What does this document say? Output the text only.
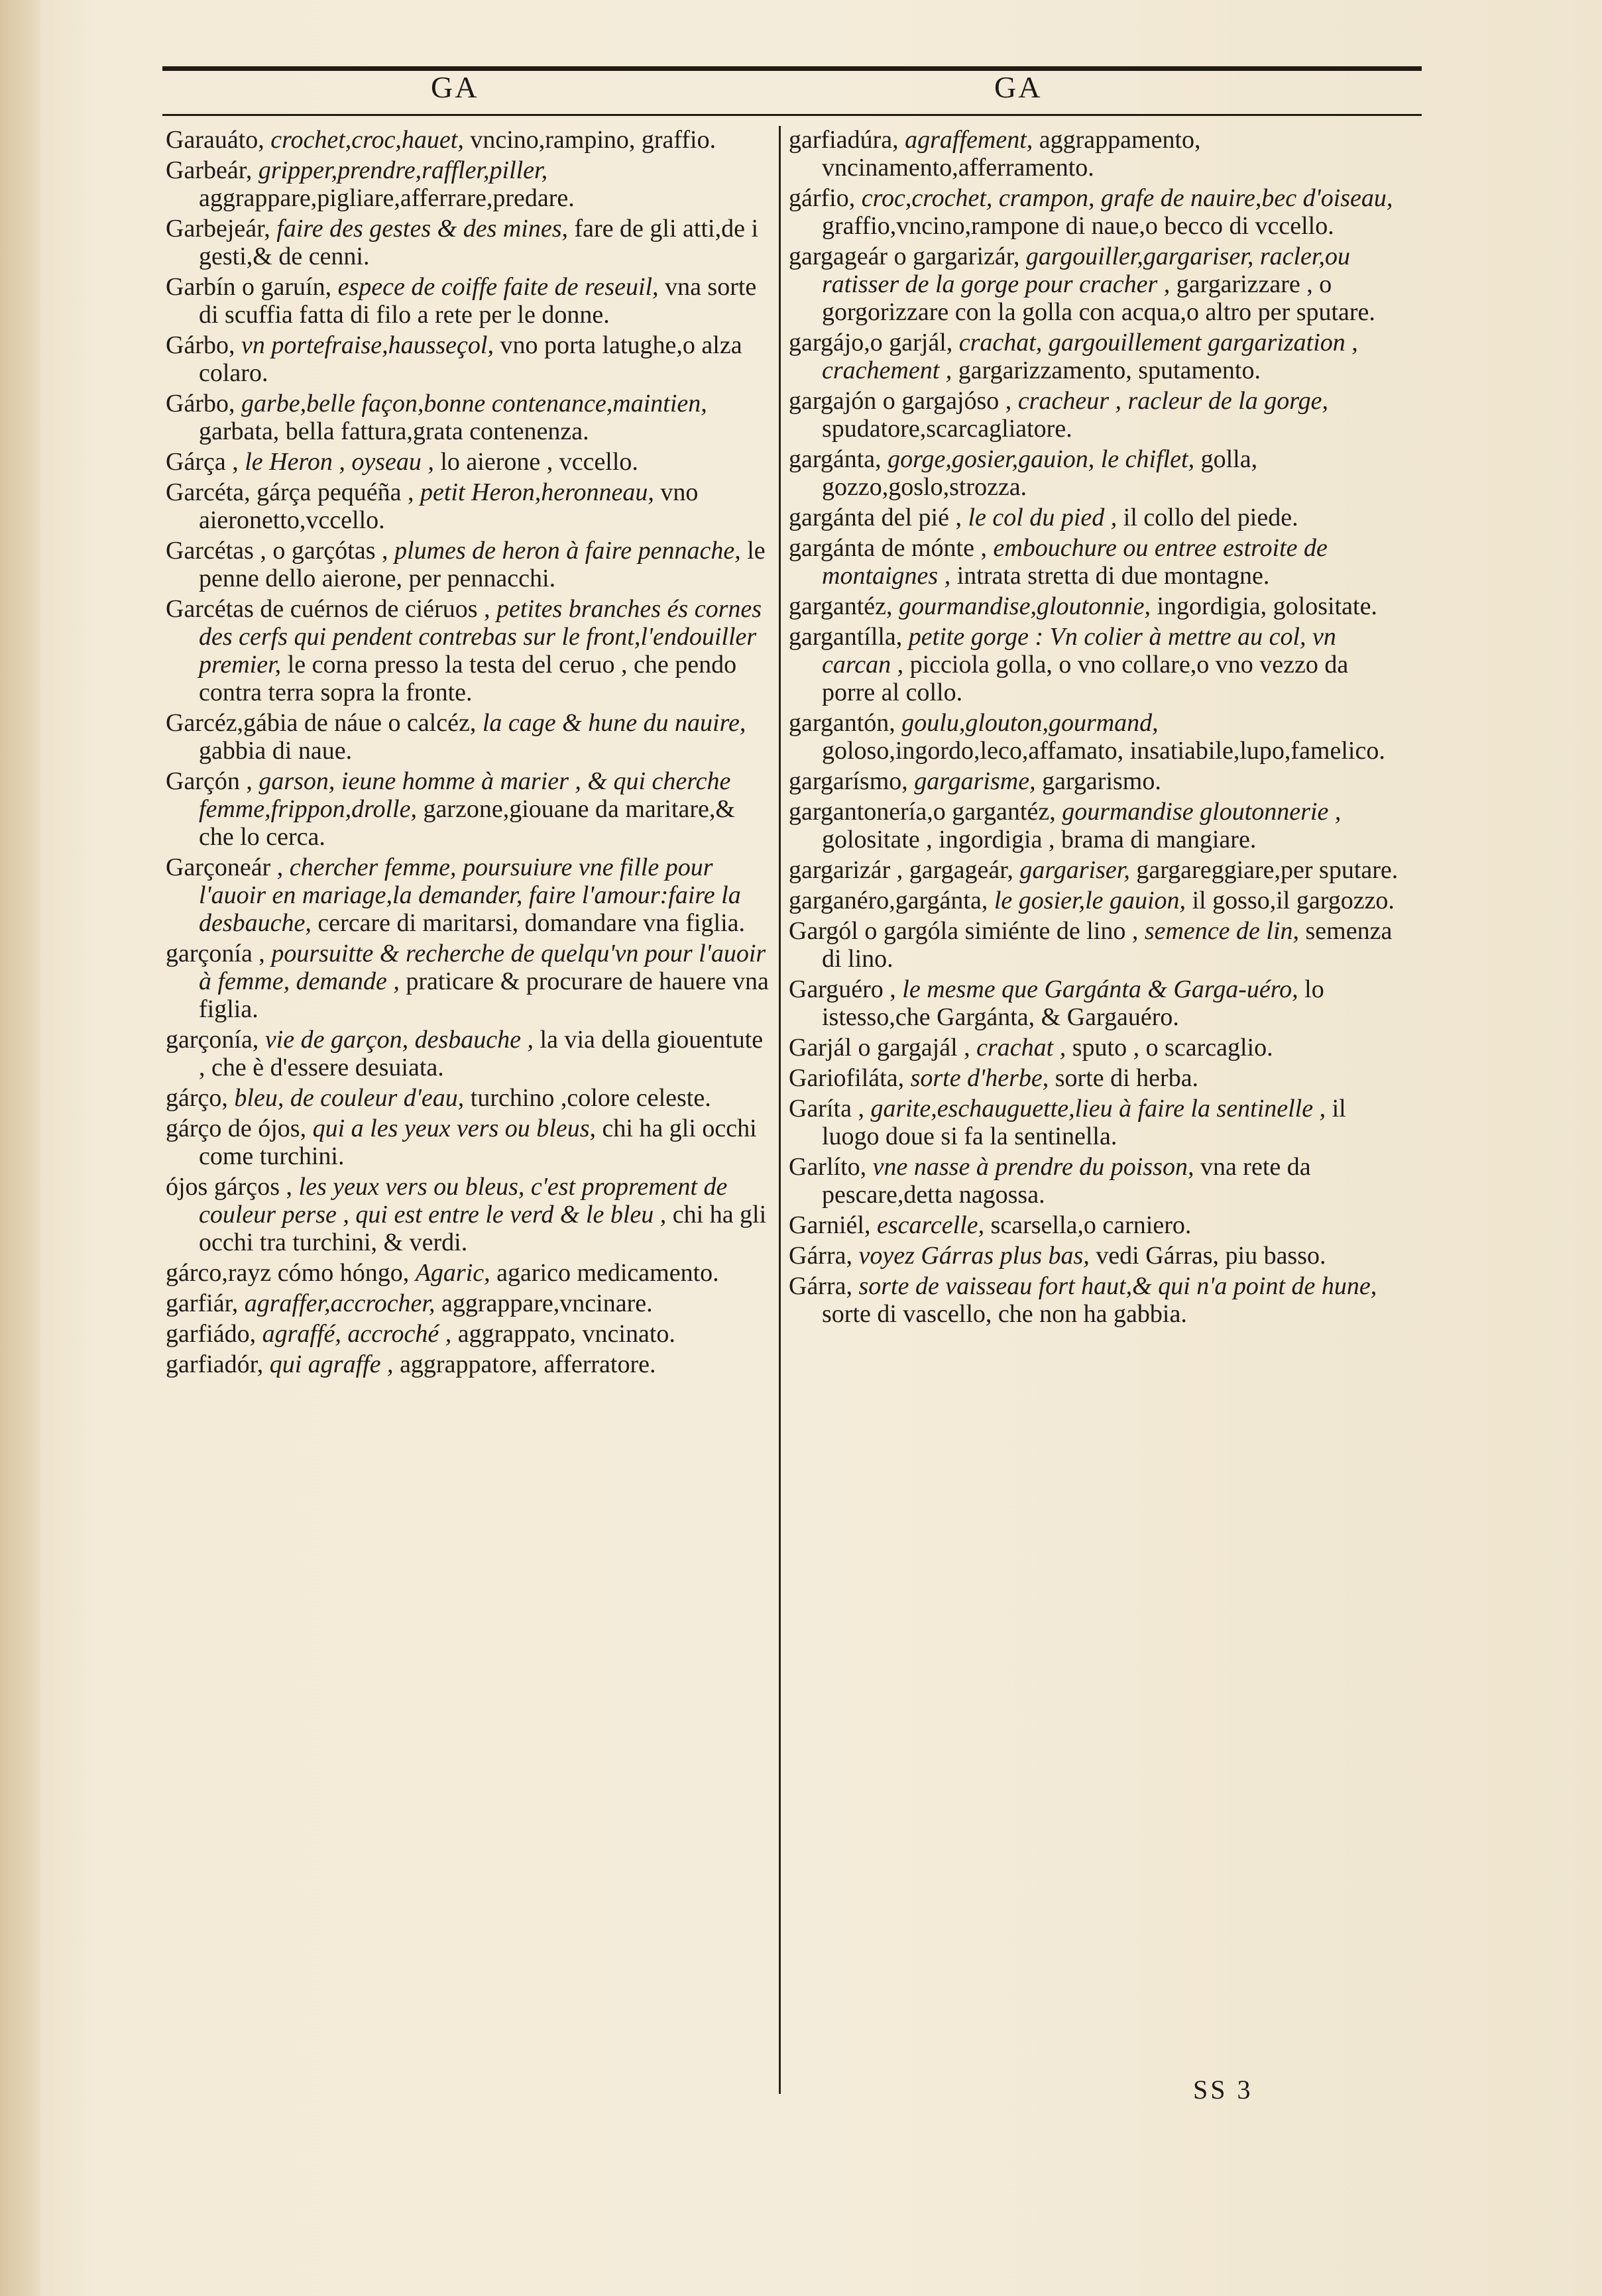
GA	GA

Garauáto, crochet,croc,hauet, vncino,rampino, graffio.

Garbeár, gripper,prendre,raffler,piller, aggrappare,pigliare,afferrare,predare.

Garbejeár, faire des gestes & des mines, fare de gli atti,de i gesti,& de cenni.

Garbín o garuín, espece de coiffe faite de reseuil, vna sorte di scuffia fatta di filo a rete per le donne.

Gárbo, vn portefraise,hausseçol, vno porta latughe,o alza colaro.

Gárbo, garbe,belle façon,bonne contenance,maintien, garbata, bella fattura,grata contenenza.

Gárça , le Heron , oyseau , lo aierone , vccello.

Garcéta, gárça pequéña , petit Heron,heronneau, vno aieronetto,vccello.

Garcétas , o garçótas , plumes de heron à faire pennache, le penne dello aierone, per pennacchi.

Garcétas de cuérnos de ciéruos , petites branches és cornes des cerfs qui pendent contrebas sur le front,l'endouiller premier, le corna presso la testa del ceruo , che pendo contra terra sopra la fronte.

Garcéz,gábia de náue o calcéz, la cage & hune du nauire, gabbia di naue.

Garçón , garson, ieune homme à marier , & qui cherche femme,frippon,drolle, garzone,giouane da maritare,& che lo cerca.

Garçoneár , chercher femme, poursuiure vne fille pour l'auoir en mariage,la demander, faire l'amour:faire la desbauche, cercare di maritarsi, domandare vna figlia.

garçonía , poursuitte & recherche de quelqu'vn pour l'auoir à femme, demande , praticare & procurare de hauere vna figlia.

garçonía, vie de garçon, desbauche , la via della giouentute , che è d'essere desuiata.

gárço, bleu, de couleur d'eau, turchino ,colore celeste.

gárço de ójos, qui a les yeux vers ou bleus, chi ha gli occhi come turchini.

ójos gárços , les yeux vers ou bleus, c'est proprement de couleur perse , qui est entre le verd & le bleu , chi ha gli occhi tra turchini, & verdi.

gárco,rayz cómo hóngo, Agaric, agarico medicamento.

garfiár, agraffer,accrocher, aggrappare,vncinare.

garfiádo, agraffé, accroché , aggrappato, vncinato.

garfiadór, qui agraffe , aggrappatore, afferratore.

garfiadúra, agraffement, aggrappamento, vncinamento,afferramento.

gárfio, croc,crochet, crampon, grafe de nauire,bec d'oiseau, graffio,vncino,rampone di naue,o becco di vccello.

gargageár o gargarizár, gargouiller,gargariser, racler,ou ratisser de la gorge pour cracher , gargarizzare , o gorgorizzare con la golla con acqua,o altro per sputare.

gargájo,o garjál, crachat, gargouillement gargarization , crachement , gargarizzamento, sputamento.

gargajón o gargajóso , cracheur , racleur de la gorge, spudatore,scarcagliatore.

gargánta, gorge,gosier,gauion, le chiflet, golla, gozzo,goslo,strozza.

gargánta del pié , le col du pied , il collo del piede.

gargánta de mónte , embouchure ou entree estroite de montaignes , intrata stretta di due montagne.

gargantéz, gourmandise,gloutonnie, ingordigia, golositate.

gargantílla, petite gorge : Vn colier à mettre au col, vn carcan , picciola golla, o vno collare,o vno vezzo da porre al collo.

gargantón, goulu,glouton,gourmand, goloso,ingordo,leco,affamato, insatiabile,lupo,famelico.

gargarísmo, gargarisme, gargarismo.

gargantonería,o gargantéz, gourmandise gloutonnerie , golositate , ingordigia , brama di mangiare.

gargarizár , gargageár, gargariser, gargareggiare,per sputare.

garganéro,gargánta, le gosier,le gauion, il gosso,il gargozzo.

Gargól o gargóla simiénte de lino , semence de lin, semenza di lino.

Garguéro , le mesme que Gargánta & Garga-uéro, lo istesso,che Gargánta, & Gargauéro.

Garjál o gargajál , crachat , sputo , o scarcaglio.

Gariofiláta, sorte d'herbe, sorte di herba.

Garíta , garite,eschauguette,lieu à faire la sentinelle , il luogo doue si fa la sentinella.

Garlíto, vne nasse à prendre du poisson, vna rete da pescare,detta nagossa.

Garniél, escarcelle, scarsella,o carniero.

Gárra, voyez Gárras plus bas, vedi Gárras, piu basso.

Gárra, sorte de vaisseau fort haut,& qui n'a point de hune, sorte di vascello, che non ha gabbia.

SS 3
